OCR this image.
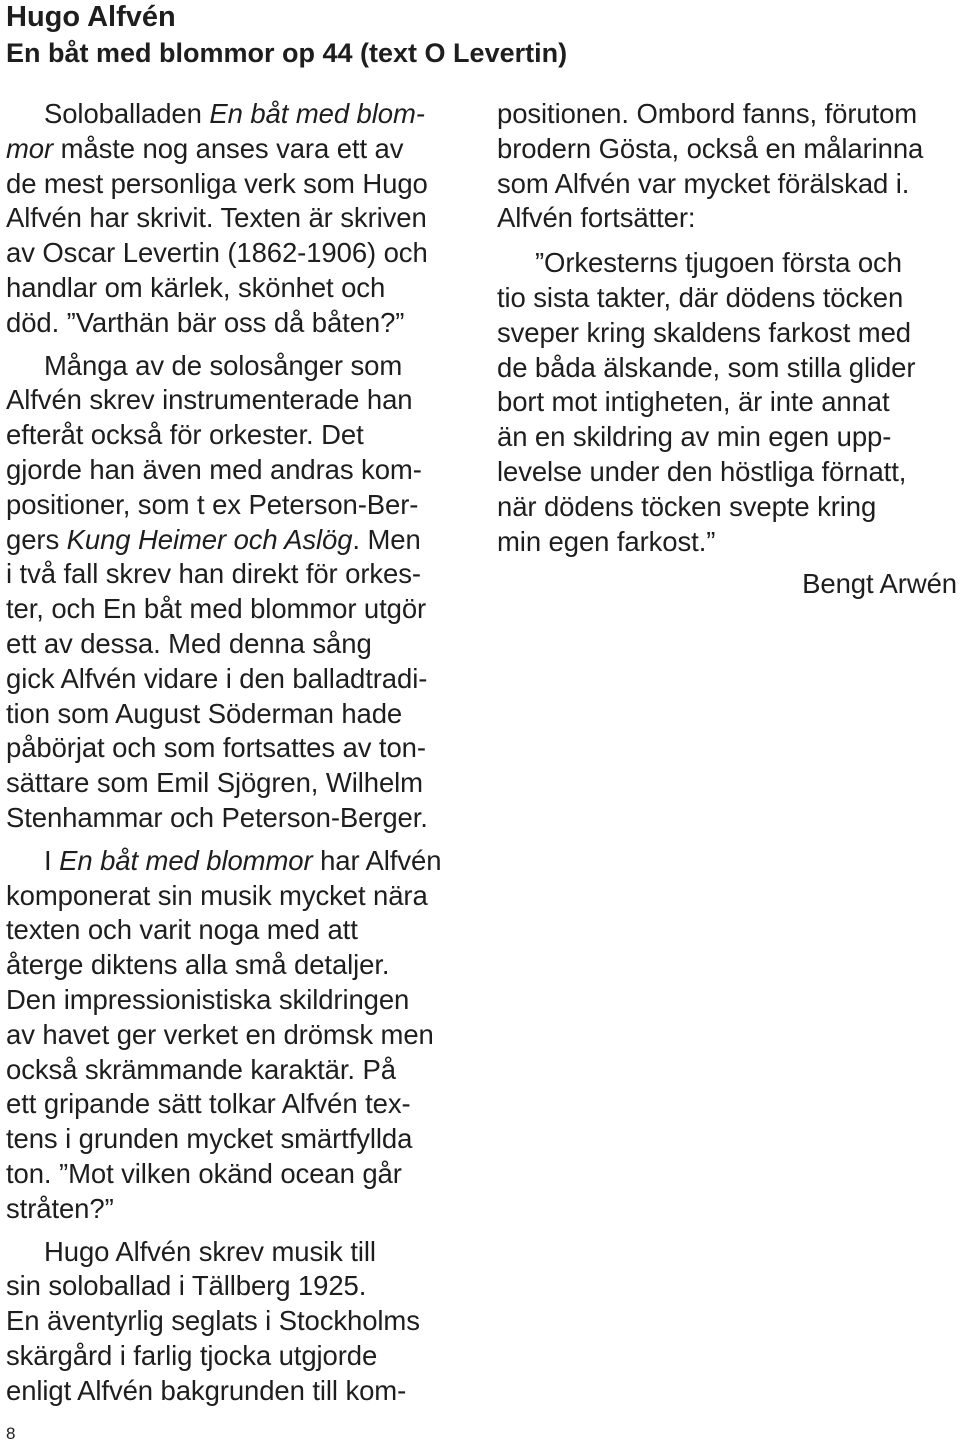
Hugo Alfvén
En båt med blommor op 44 (text O Levertin)
Soloballaden En båt med blom-
mor måste nog anses vara ett av
de mest personliga verk som Hugo
Alfvén har skrivit. Texten är skriven
av Oscar Levertin (1862-1906) och
handlar om kärlek, skönhet och
död. ”Varthän bär oss då båten?”
Många av de solosånger som
Alfvén skrev instrumenterade han
efteråt också för orkester. Det
gjorde han även med andras kom-
positioner, som t ex Peterson-Ber-
gers Kung Heimer och Aslög. Men
i två fall skrev han direkt för orkes-
ter, och En båt med blommor utgör
ett av dessa. Med denna sång
gick Alfvén vidare i den balladtradi-
tion som August Söderman hade
påbörjat och som fortsattes av ton-
sättare som Emil Sjögren, Wilhelm
Stenhammar och Peterson-Berger.
I En båt med blommor har Alfvén
komponerat sin musik mycket nära
texten och varit noga med att
återge diktens alla små detaljer.
Den impressionistiska skildringen
av havet ger verket en drömsk men
också skrämmande karaktär. På
ett gripande sätt tolkar Alfvén tex-
tens i grunden mycket smärtfyllda
ton. ”Mot vilken okänd ocean går
stråten?”
Hugo Alfvén skrev musik till
sin soloballad i Tällberg 1925.
En äventyrlig seglats i Stockholms
skärgård i farlig tjocka utgjorde
enligt Alfvén bakgrunden till kom-
positionen. Ombord fanns, förutom
brodern Gösta, också en målarinna
som Alfvén var mycket förälskad i.
Alfvén fortsätter:
”Orkesterns tjugoen första och
tio sista takter, där dödens töcken
sveper kring skaldens farkost med
de båda älskande, som stilla glider
bort mot intigheten, är inte annat
än en skildring av min egen upp-
levelse under den höstliga förnatt,
när dödens töcken svepte kring
min egen farkost.”
Bengt Arwén
8
